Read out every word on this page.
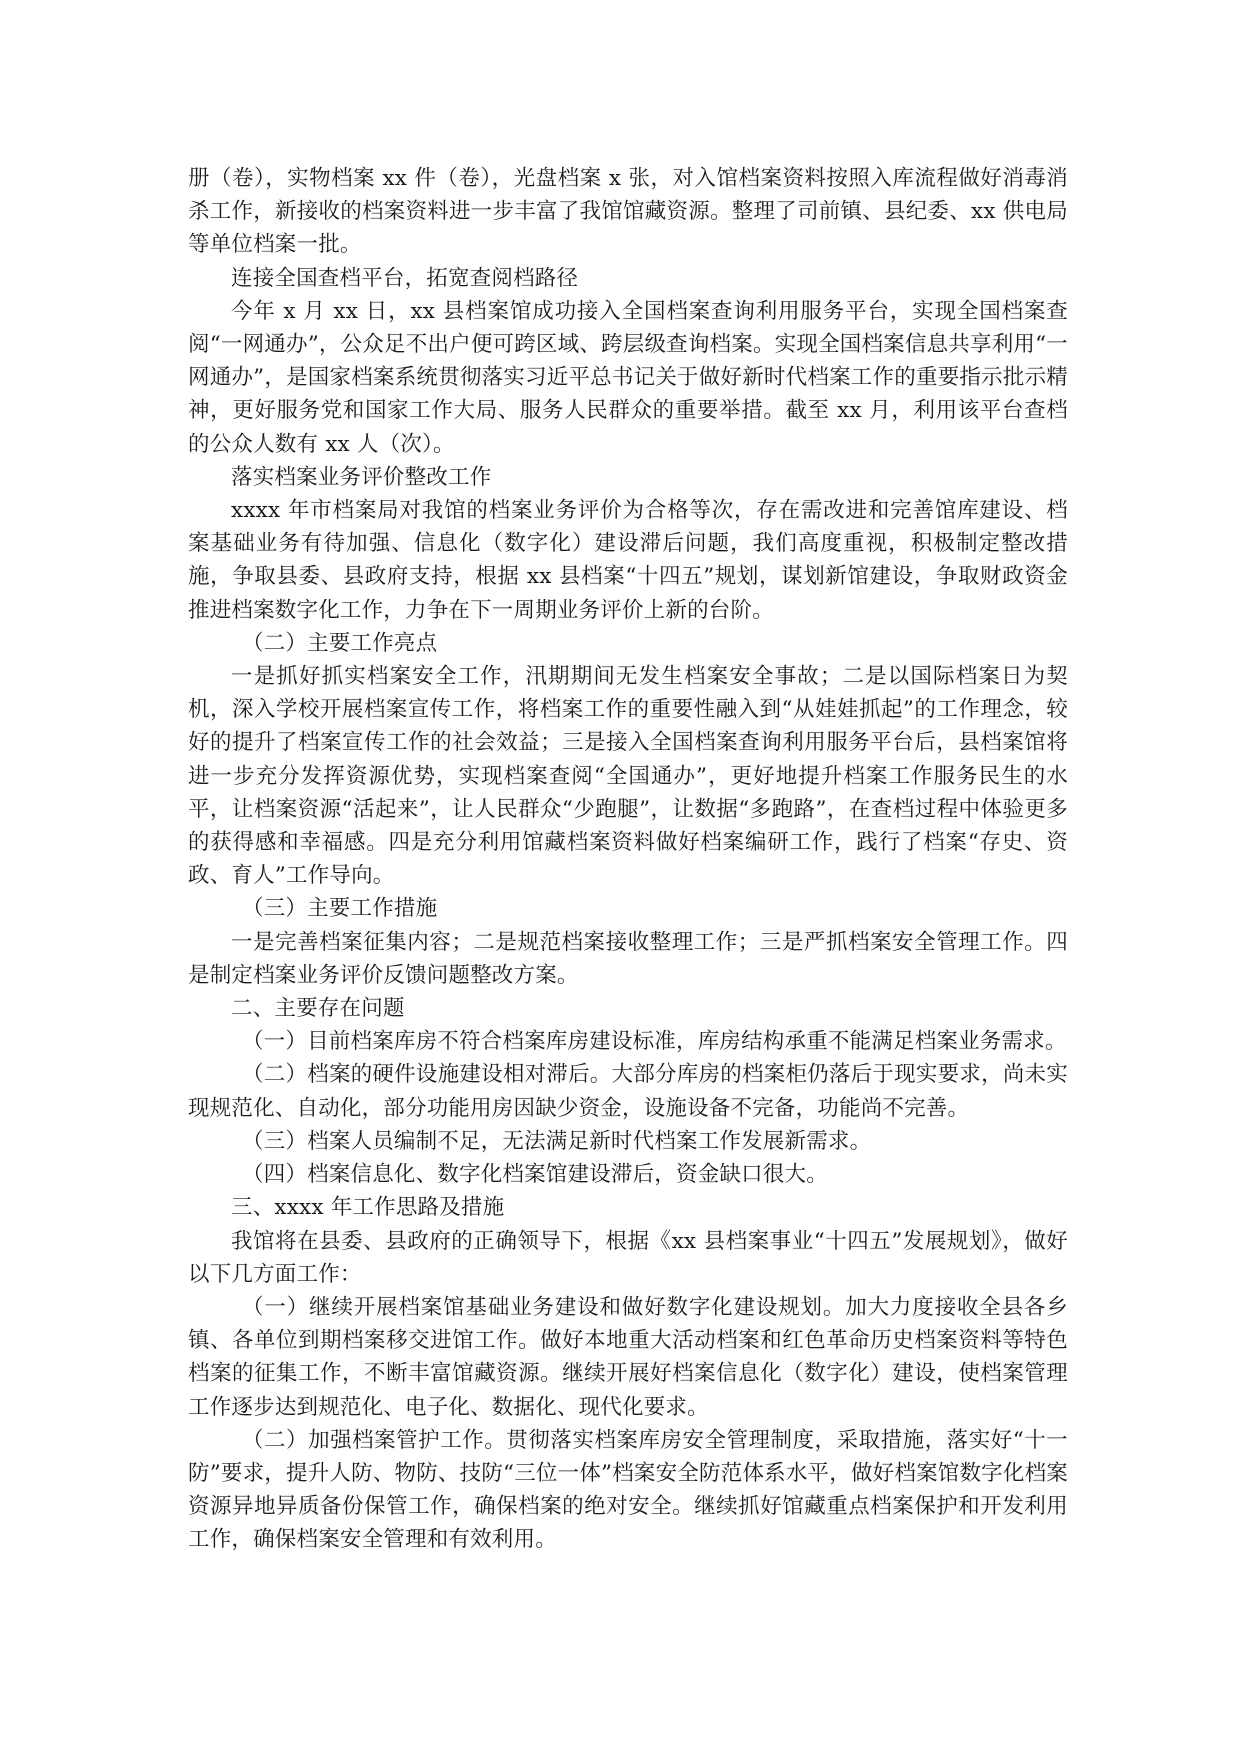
册（卷），实物档案 xx 件（卷），光盘档案 x 张，对入馆档案资料按照入库流程做好消毒消杀工作，新接收的档案资料进一步丰富了我馆馆藏资源。整理了司前镇、县纪委、xx 供电局等单位档案一批。

连接全国查档平台，拓宽查阅档路径

今年 x 月 xx 日，xx 县档案馆成功接入全国档案查询利用服务平台，实现全国档案查阅“一网通办”，公众足不出户便可跨区域、跨层级查询档案。实现全国档案信息共享利用“一网通办”，是国家档案系统贯彻落实习近平总书记关于做好新时代档案工作的重要指示批示精神，更好服务党和国家工作大局、服务人民群众的重要举措。截至 xx 月，利用该平台查档的公众人数有 xx 人（次）。

落实档案业务评价整改工作

xxxx 年市档案局对我馆的档案业务评价为合格等次，存在需改进和完善馆库建设、档案基础业务有待加强、信息化（数字化）建设滞后问题，我们高度重视，积极制定整改措施，争取县委、县政府支持，根据 xx 县档案“十四五”规划，谋划新馆建设，争取财政资金推进档案数字化工作，力争在下一周期业务评价上新的台阶。

（二）主要工作亮点

一是抓好抓实档案安全工作，汛期期间无发生档案安全事故；二是以国际档案日为契机，深入学校开展档案宣传工作，将档案工作的重要性融入到“从娃娃抓起”的工作理念，较好的提升了档案宣传工作的社会效益；三是接入全国档案查询利用服务平台后，县档案馆将进一步充分发挥资源优势，实现档案查阅“全国通办”，更好地提升档案工作服务民生的水平，让档案资源“活起来”，让人民群众“少跑腿”，让数据“多跑路”，在查档过程中体验更多的获得感和幸福感。四是充分利用馆藏档案资料做好档案编研工作，践行了档案“存史、资政、育人”工作导向。

（三）主要工作措施

一是完善档案征集内容；二是规范档案接收整理工作；三是严抓档案安全管理工作。四是制定档案业务评价反馈问题整改方案。

二、主要存在问题

（一）目前档案库房不符合档案库房建设标准，库房结构承重不能满足档案业务需求。

（二）档案的硬件设施建设相对滞后。大部分库房的档案柜仍落后于现实要求，尚未实现规范化、自动化，部分功能用房因缺少资金，设施设备不完备，功能尚不完善。

（三）档案人员编制不足，无法满足新时代档案工作发展新需求。

（四）档案信息化、数字化档案馆建设滞后，资金缺口很大。

三、xxxx 年工作思路及措施

我馆将在县委、县政府的正确领导下，根据《xx 县档案事业“十四五”发展规划》，做好以下几方面工作：

（一）继续开展档案馆基础业务建设和做好数字化建设规划。加大力度接收全县各乡镇、各单位到期档案移交进馆工作。做好本地重大活动档案和红色革命历史档案资料等特色档案的征集工作，不断丰富馆藏资源。继续开展好档案信息化（数字化）建设，使档案管理工作逐步达到规范化、电子化、数据化、现代化要求。

（二）加强档案管护工作。贯彻落实档案库房安全管理制度，采取措施，落实好“十一防”要求，提升人防、物防、技防“三位一体”档案安全防范体系水平，做好档案馆数字化档案资源异地异质备份保管工作，确保档案的绝对安全。继续抓好馆藏重点档案保护和开发利用工作，确保档案安全管理和有效利用。
